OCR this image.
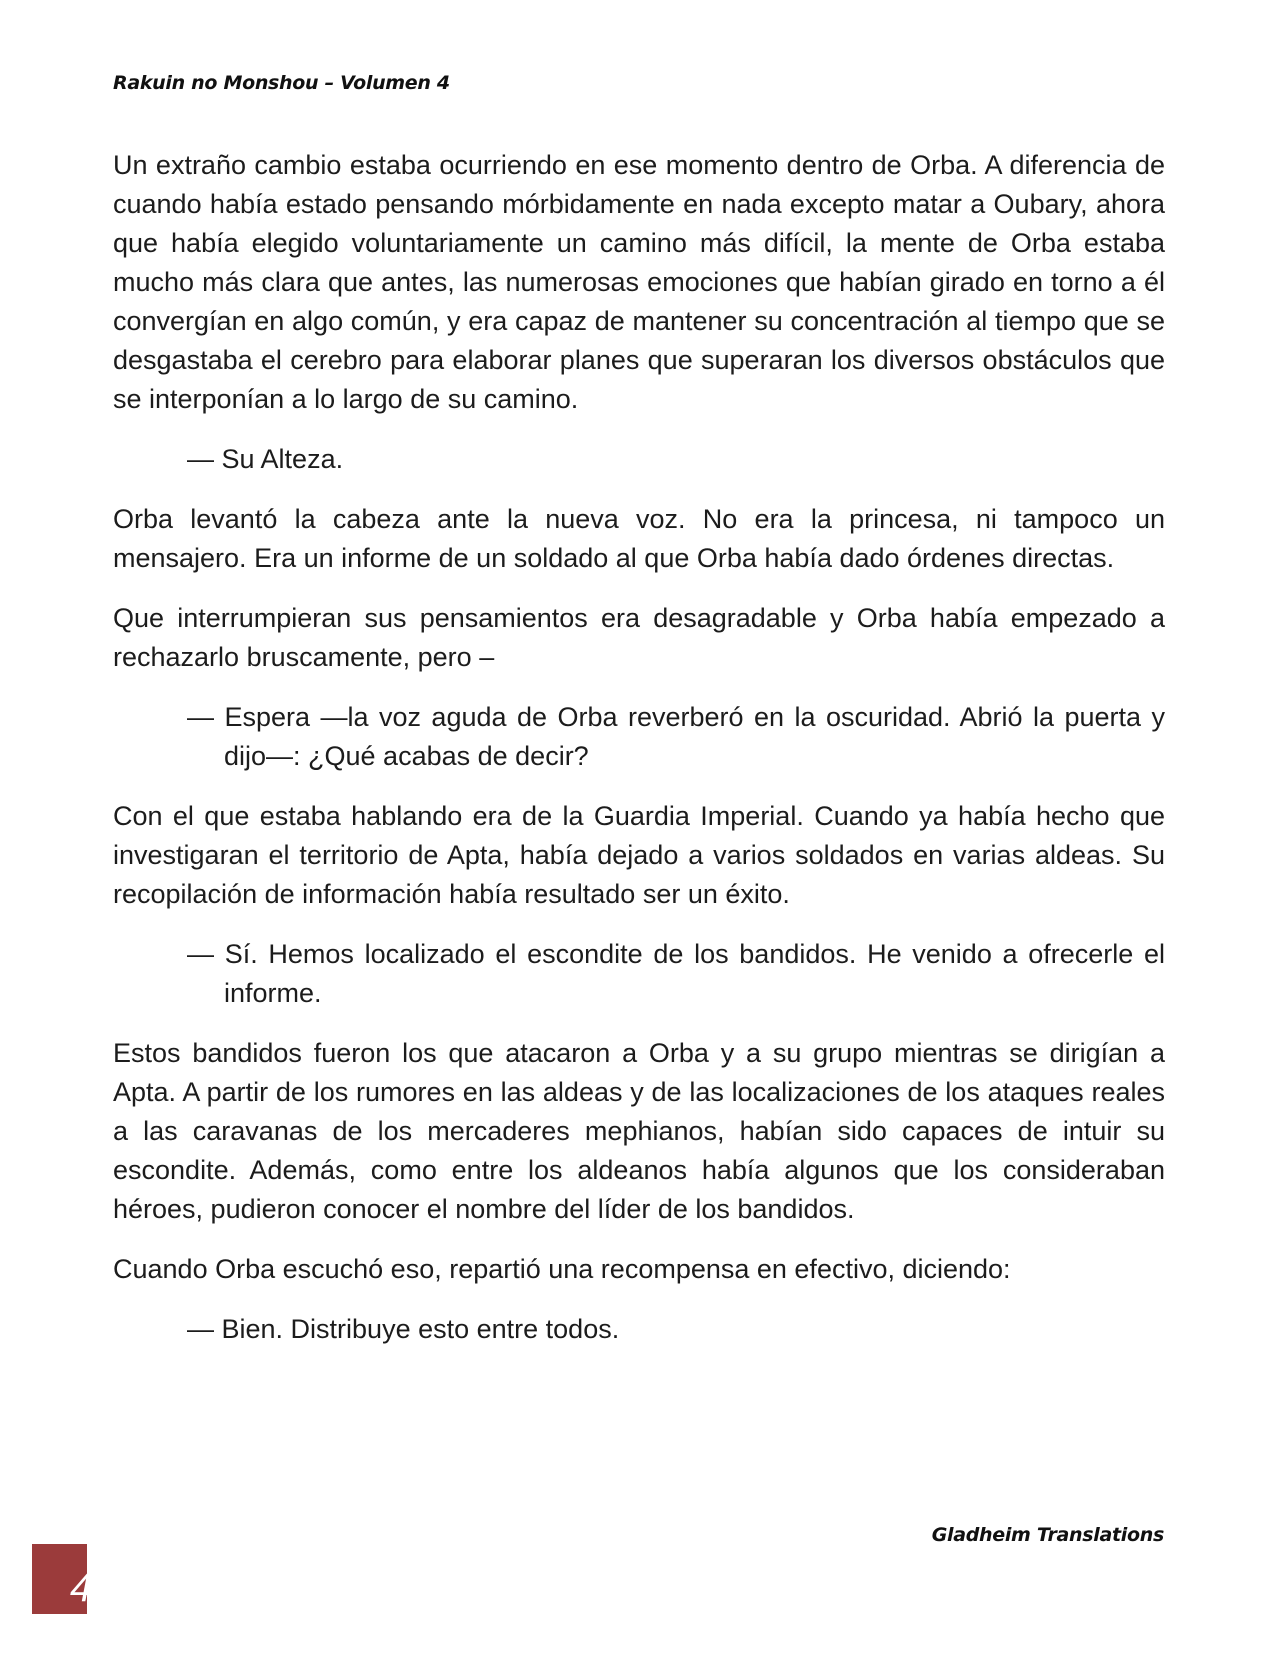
Rakuin no Monshou – Volumen 4

Un extraño cambio estaba ocurriendo en ese momento dentro de Orba. A diferencia de cuando había estado pensando mórbidamente en nada excepto matar a Oubary, ahora que había elegido voluntariamente un camino más difícil, la mente de Orba estaba mucho más clara que antes, las numerosas emociones que habían girado en torno a él convergían en algo común, y era capaz de mantener su concentración al tiempo que se desgastaba el cerebro para elaborar planes que superaran los diversos obstáculos que se interponían a lo largo de su camino.

— Su Alteza.

Orba levantó la cabeza ante la nueva voz. No era la princesa, ni tampoco un mensajero. Era un informe de un soldado al que Orba había dado órdenes directas.

Que interrumpieran sus pensamientos era desagradable y Orba había empezado a rechazarlo bruscamente, pero –

— Espera —la voz aguda de Orba reverberó en la oscuridad. Abrió la puerta y dijo—: ¿Qué acabas de decir?

Con el que estaba hablando era de la Guardia Imperial. Cuando ya había hecho que investigaran el territorio de Apta, había dejado a varios soldados en varias aldeas. Su recopilación de información había resultado ser un éxito.

— Sí. Hemos localizado el escondite de los bandidos. He venido a ofrecerle el informe.

Estos bandidos fueron los que atacaron a Orba y a su grupo mientras se dirigían a Apta. A partir de los rumores en las aldeas y de las localizaciones de los ataques reales a las caravanas de los mercaderes mephianos, habían sido capaces de intuir su escondite. Además, como entre los aldeanos había algunos que los consideraban héroes, pudieron conocer el nombre del líder de los bandidos.

Cuando Orba escuchó eso, repartió una recompensa en efectivo, diciendo:

— Bien. Distribuye esto entre todos.

Gladheim Translations
4
